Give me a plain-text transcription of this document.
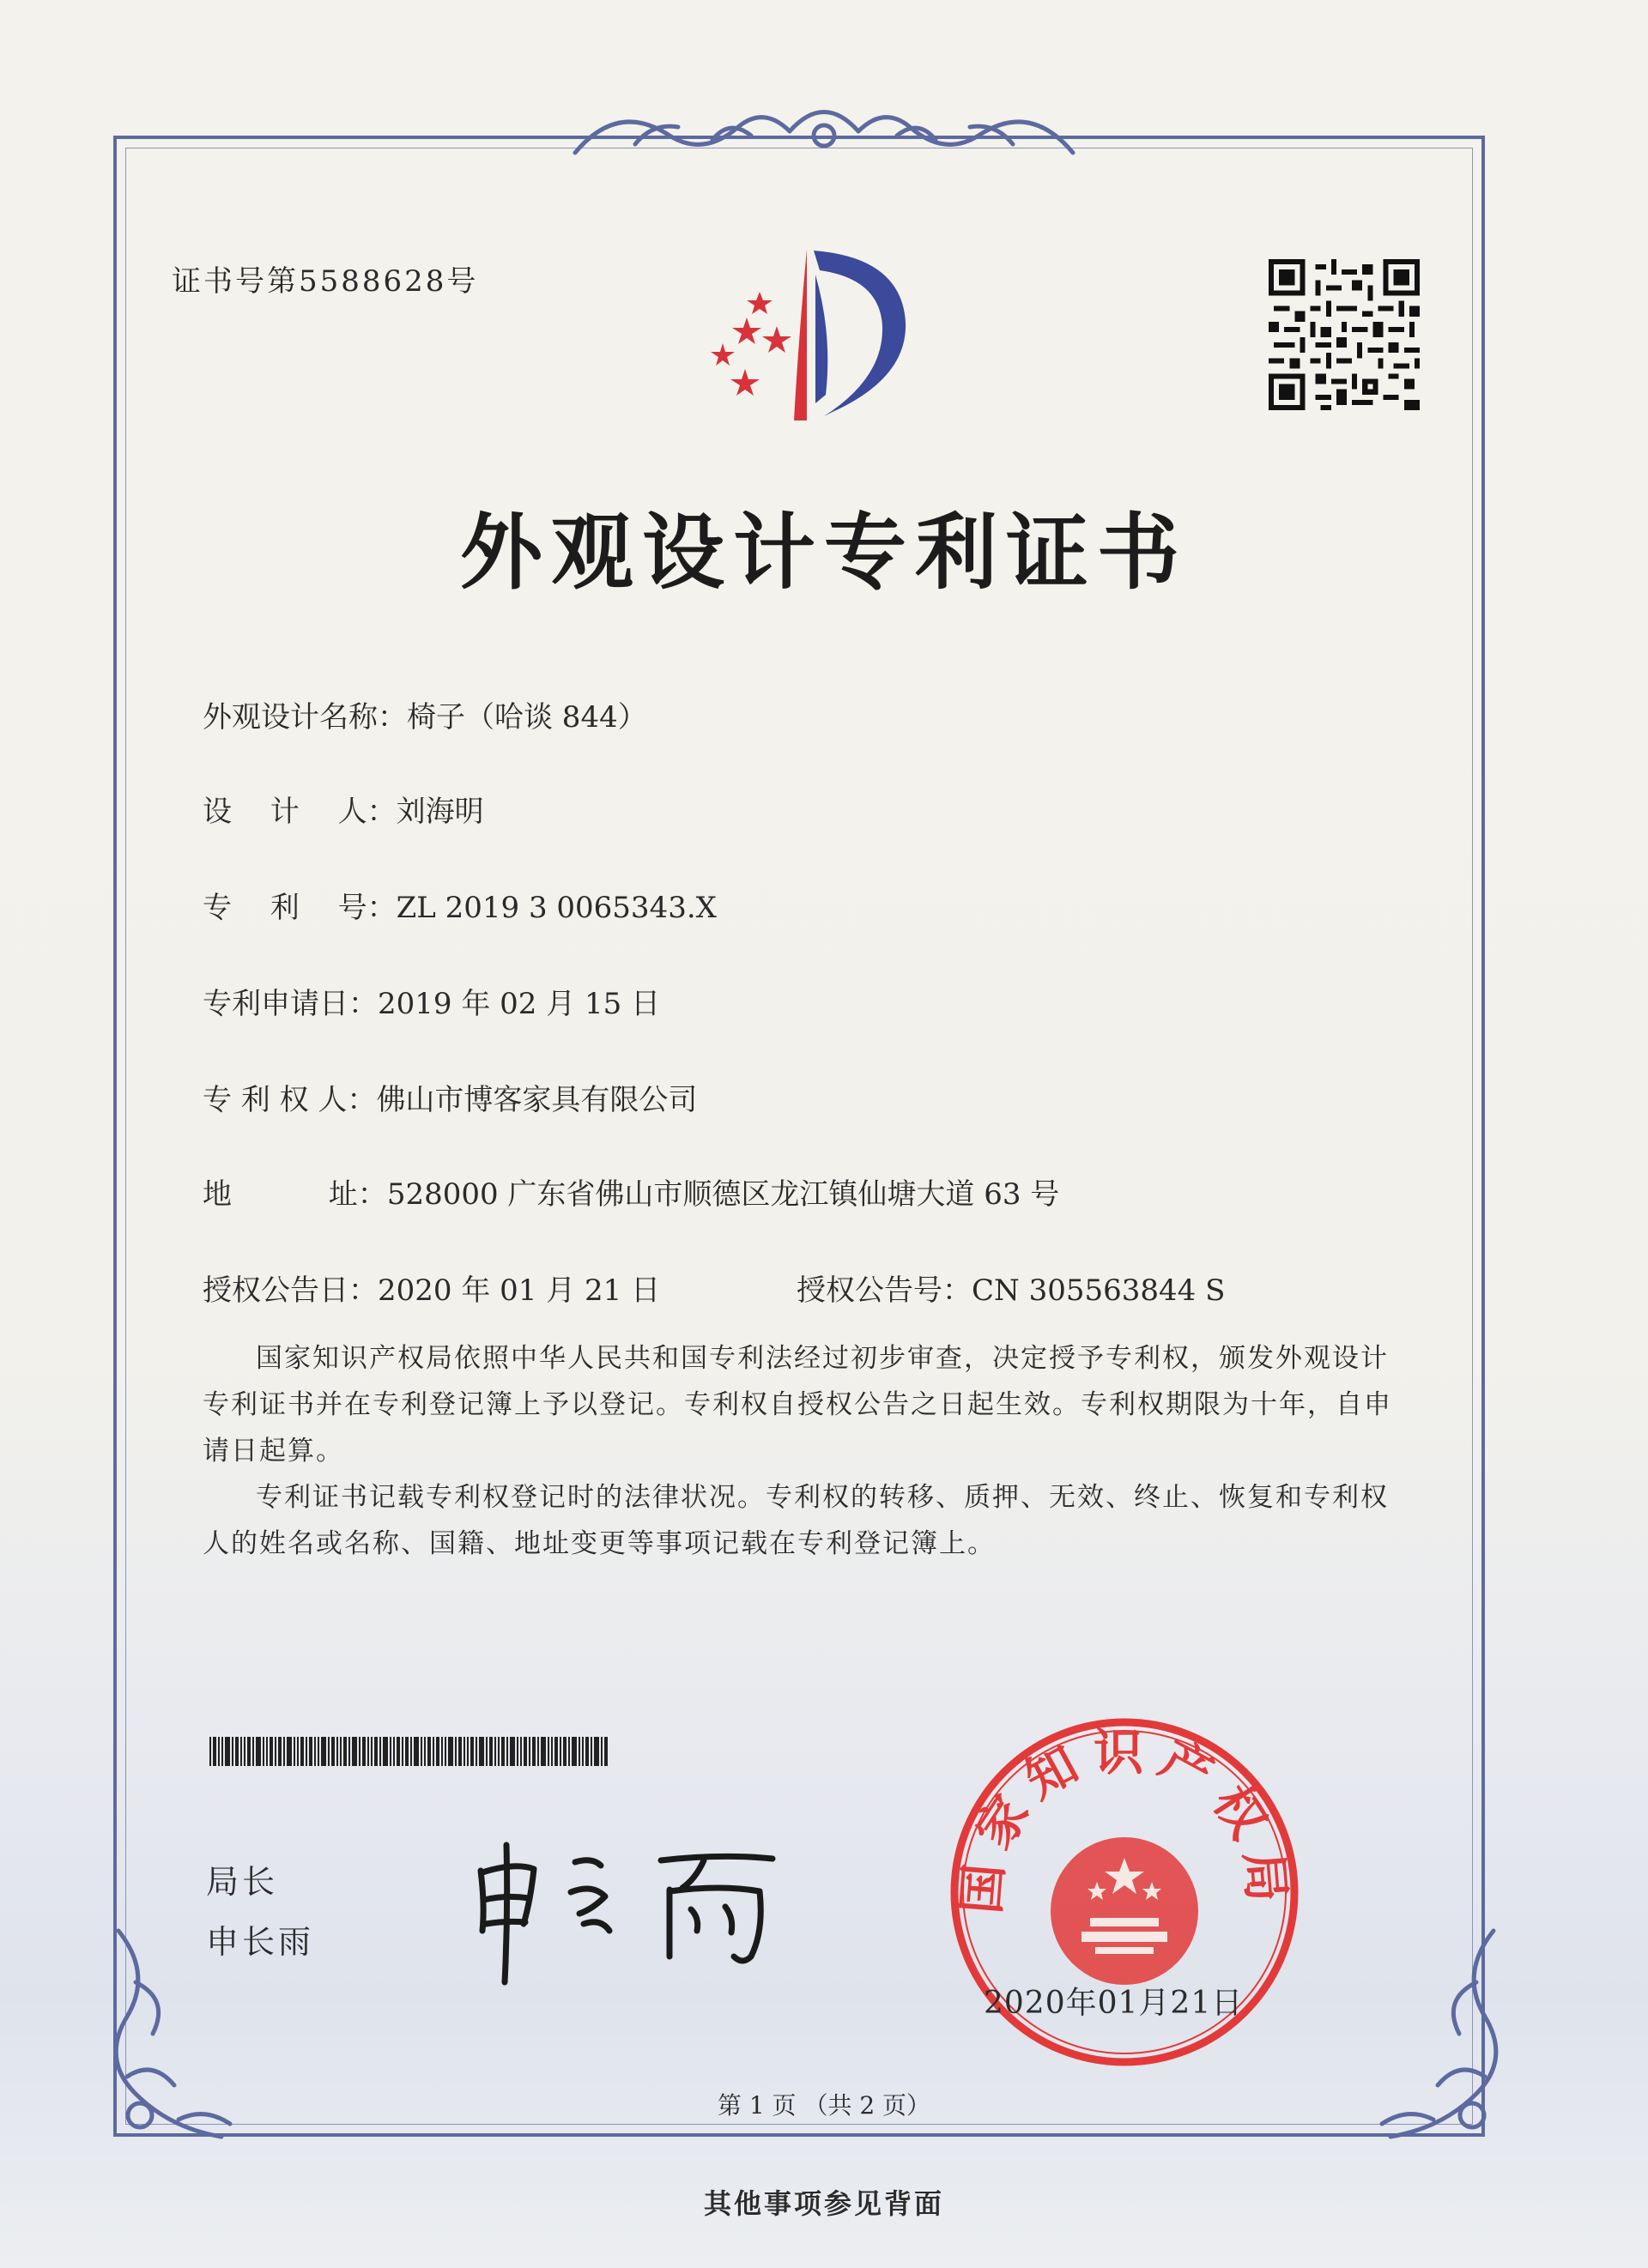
证书号第5588628号
外观设计专利证书
外观设计名称：椅子（哈谈 844）
设　 计　 人：刘海明
专　 利　 号：ZL 2019 3 0065343.X
专利申请日：2019 年 02 月 15 日
专 利 权 人：佛山市博客家具有限公司
地　　　 址：528000 广东省佛山市顺德区龙江镇仙塘大道 63 号
授权公告日：2020 年 01 月 21 日	授权公告号：CN 305563844 S
国家知识产权局依照中华人民共和国专利法经过初步审查，决定授予专利权，颁发外观设计专利证书并在专利登记簿上予以登记。专利权自授权公告之日起生效。专利权期限为十年，自申请日起算。
专利证书记载专利权登记时的法律状况。专利权的转移、质押、无效、终止、恢复和专利权人的姓名或名称、国籍、地址变更等事项记载在专利登记簿上。
局长
申长雨
国家知识产权局
2020年01月21日
第 1 页 （共 2 页）
其他事项参见背面
